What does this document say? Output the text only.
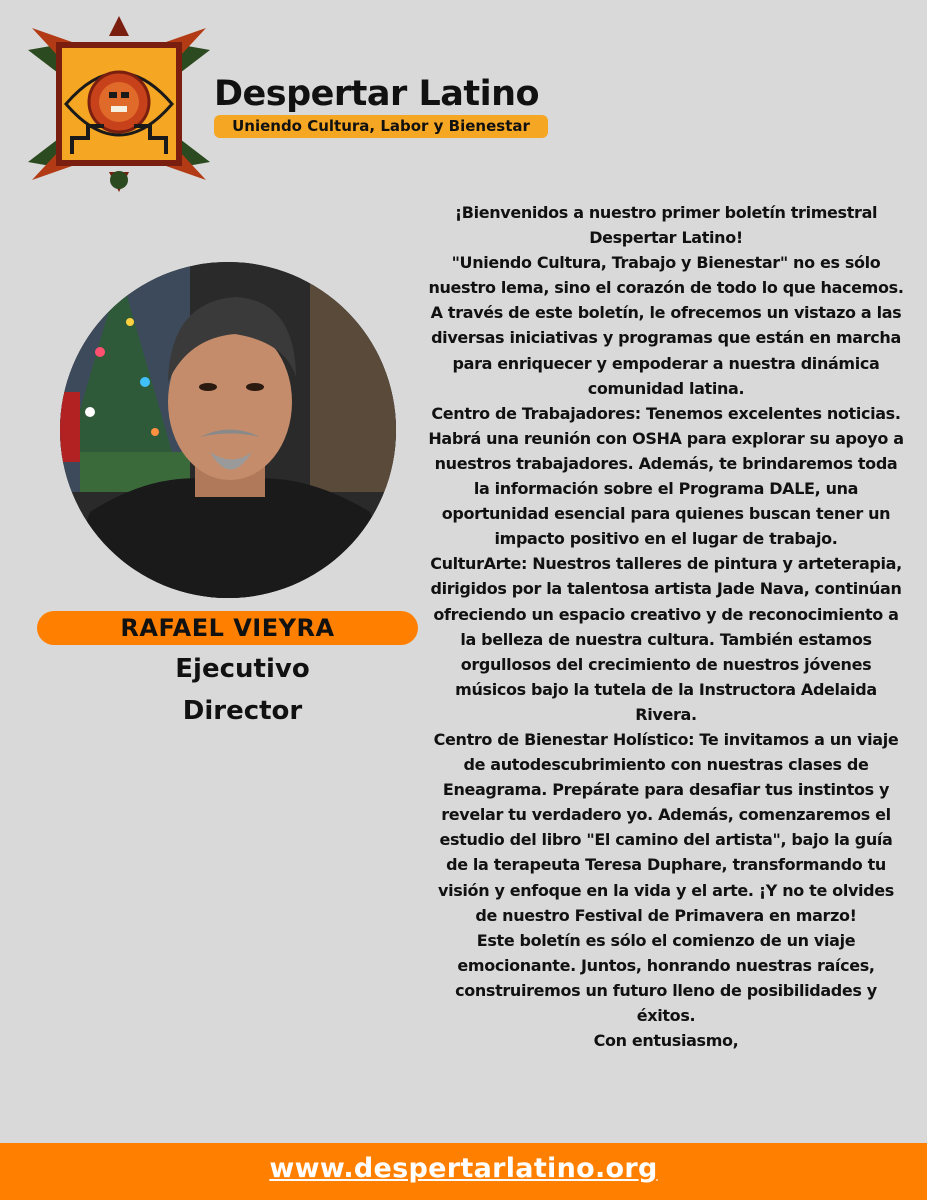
Despertar Latino
Uniendo Cultura, Labor y Bienestar
RAFAEL VIEYRA
Ejecutivo
Director

¡Bienvenidos a nuestro primer boletín trimestral Despertar Latino!

"Uniendo Cultura, Trabajo y Bienestar" no es sólo nuestro lema, sino el corazón de todo lo que hacemos. A través de este boletín, le ofrecemos un vistazo a las diversas iniciativas y programas que están en marcha para enriquecer y empoderar a nuestra dinámica comunidad latina.

Centro de Trabajadores: Tenemos excelentes noticias. Habrá una reunión con OSHA para explorar su apoyo a nuestros trabajadores. Además, te brindaremos toda la información sobre el Programa DALE, una oportunidad esencial para quienes buscan tener un impacto positivo en el lugar de trabajo.

CulturArte: Nuestros talleres de pintura y arteterapia, dirigidos por la talentosa artista Jade Nava, continúan ofreciendo un espacio creativo y de reconocimiento a la belleza de nuestra cultura. También estamos orgullosos del crecimiento de nuestros jóvenes músicos bajo la tutela de la Instructora Adelaida Rivera.

Centro de Bienestar Holístico: Te invitamos a un viaje de autodescubrimiento con nuestras clases de Eneagrama. Prepárate para desafiar tus instintos y revelar tu verdadero yo. Además, comenzaremos el estudio del libro "El camino del artista", bajo la guía de la terapeuta Teresa Duphare, transformando tu visión y enfoque en la vida y el arte. ¡Y no te olvides de nuestro Festival de Primavera en marzo!

Este boletín es sólo el comienzo de un viaje emocionante. Juntos, honrando nuestras raíces, construiremos un futuro lleno de posibilidades y éxitos.

Con entusiasmo,

www.despertarlatino.org
